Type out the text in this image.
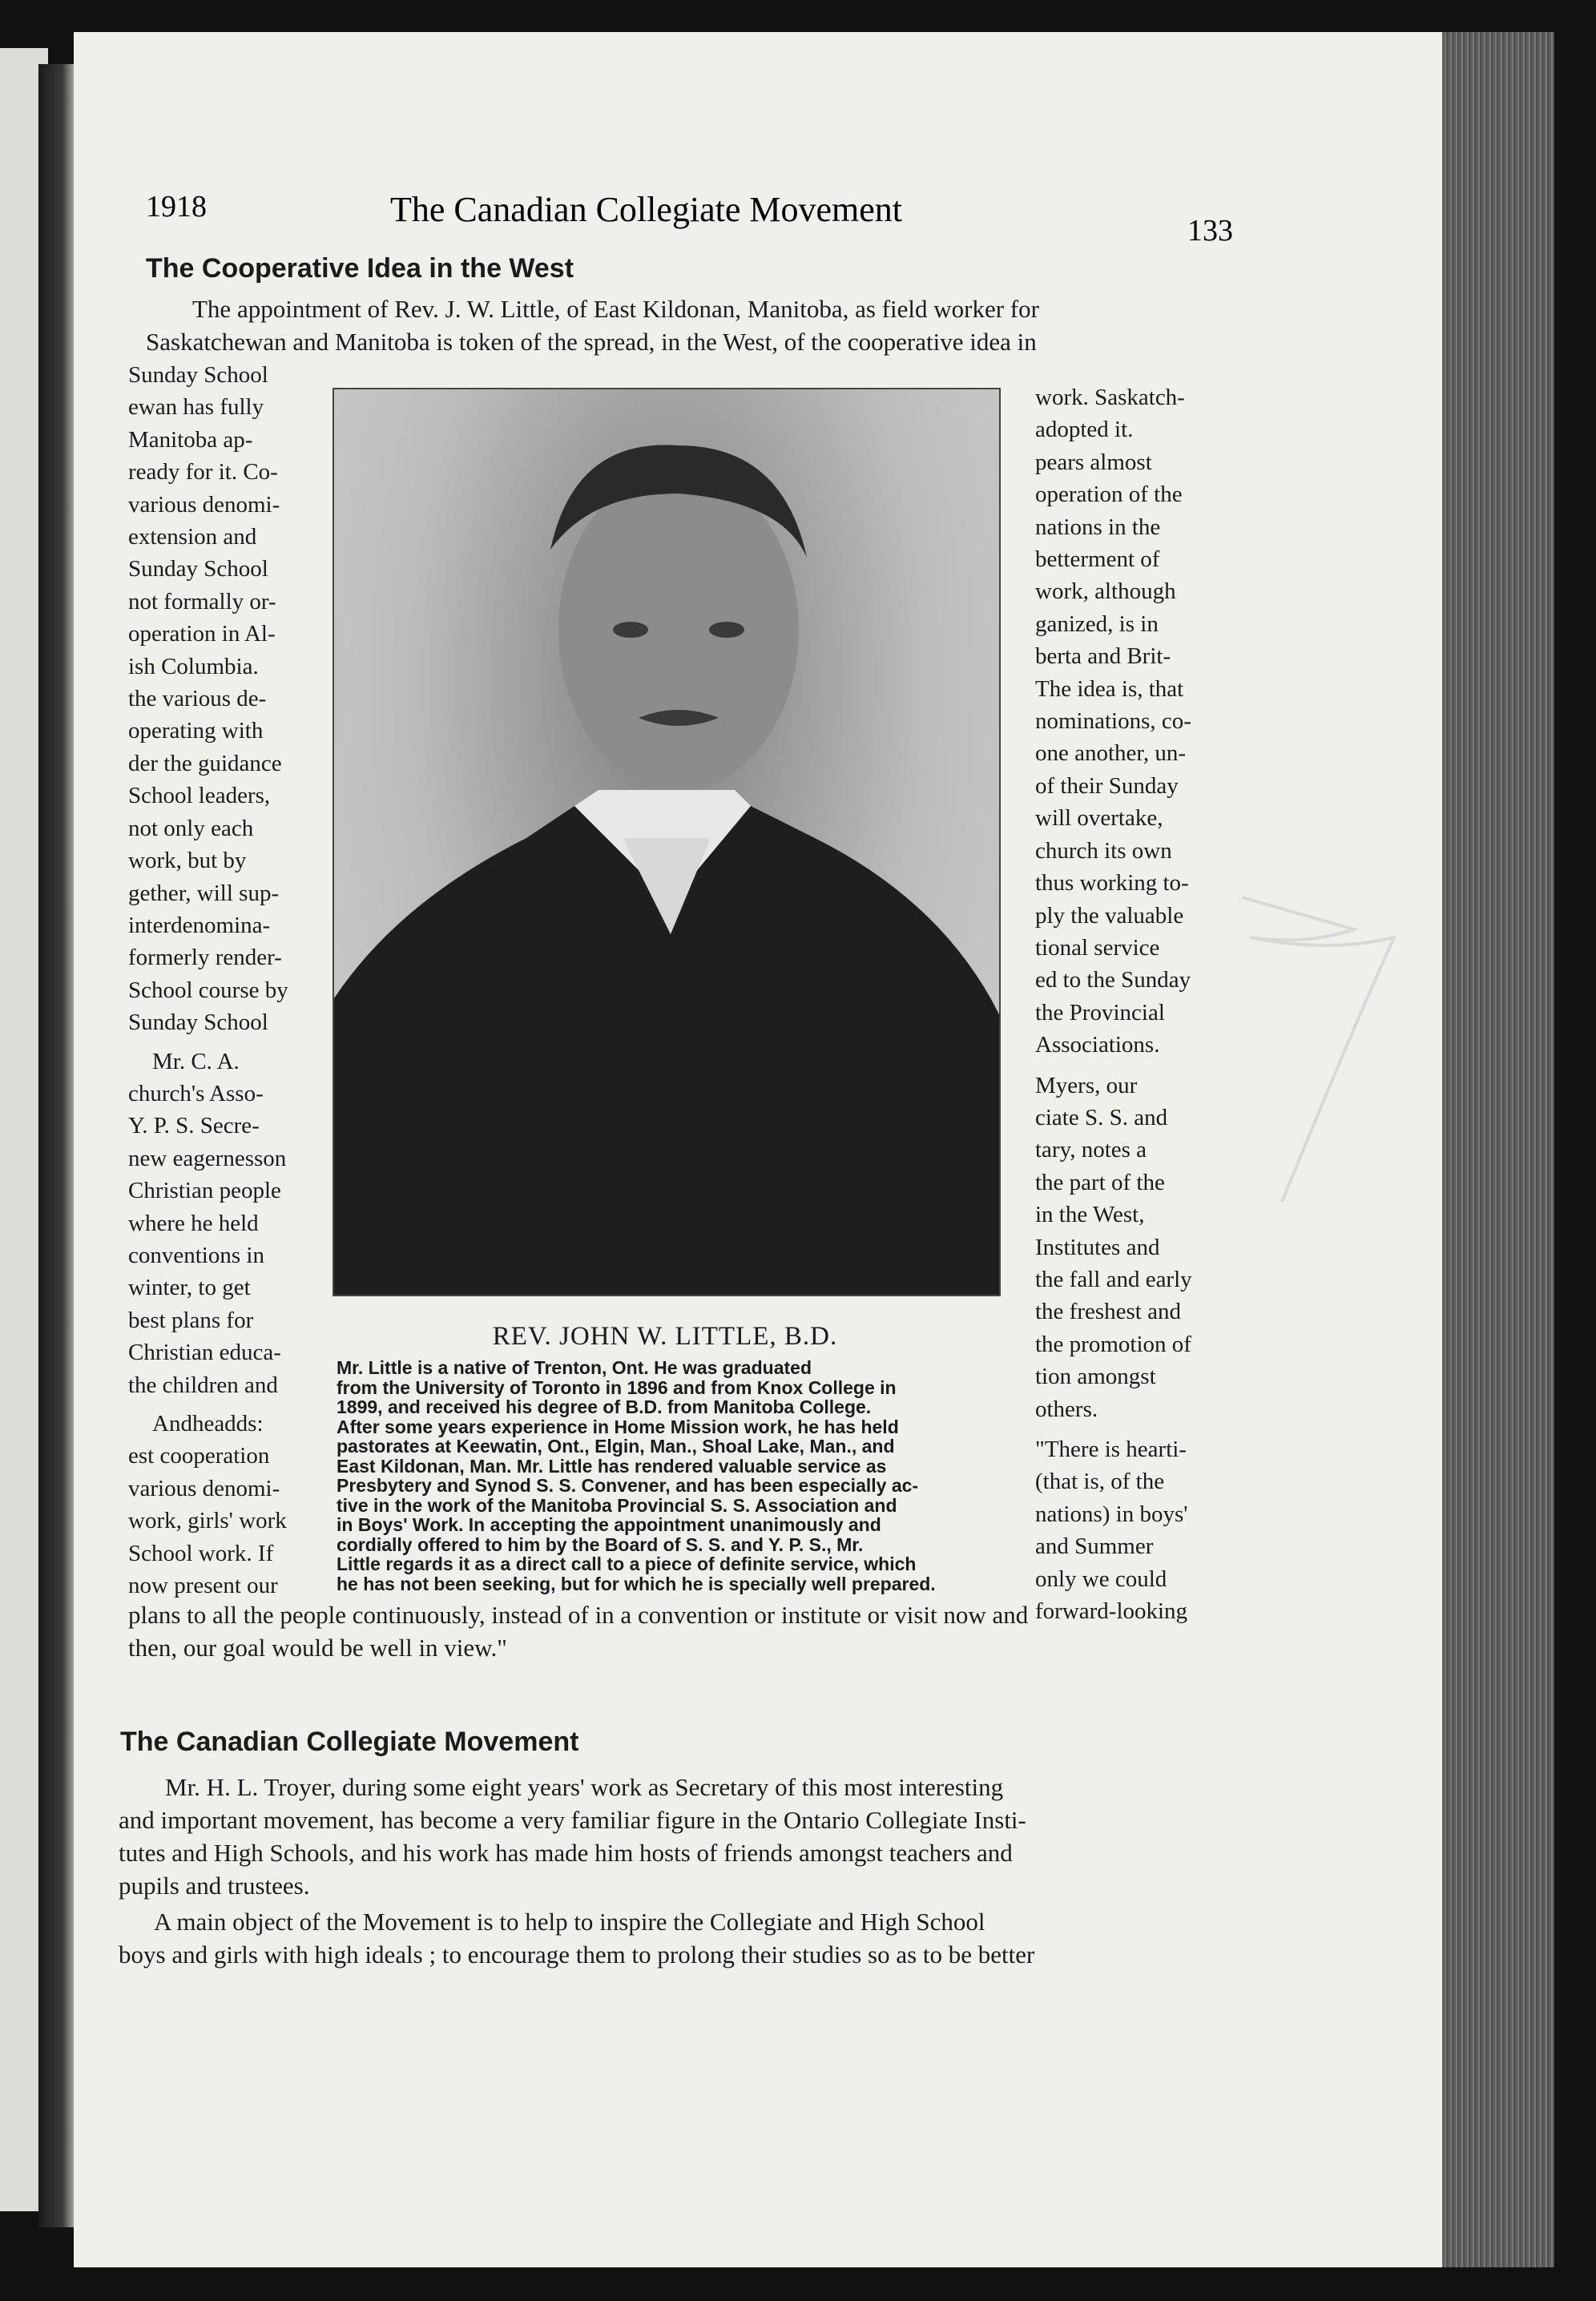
1918	The Canadian Collegiate Movement
133
The Cooperative Idea in the West

The appointment of Rev. J. W. Little, of East Kildonan, Manitoba, as field worker for

Saskatchewan and Manitoba is token of the spread, in the West, of the cooperative idea in

Sunday School

ewan has fully

Manitoba ap-

ready for it. Co-

various denomi-

extension and

Sunday School

not formally or-

operation in Al-

ish Columbia.

the various de-

operating with

der the guidance

School leaders,

not only each

work, but by

gether, will sup-

interdenomina-

formerly render-

School course by

Sunday School

Mr. C. A.

church's Asso-

Y. P. S. Secre-

new eagernesson

Christian people

where he held

conventions in

winter, to get

best plans for

Christian educa-

the children and

Andheadds:

est cooperation

various denomi-

work, girls' work

School work. If

now present our

work. Saskatch-

adopted it.

pears almost

operation of the

nations in the

betterment of

work, although

ganized, is in

berta and Brit-

The idea is, that

nominations, co-

one another, un-

of their Sunday

will overtake,

church its own

thus working to-

ply the valuable

tional service

ed to the Sunday

the Provincial

Associations.

Myers, our

ciate S. S. and

tary, notes a

the part of the

in the West,

Institutes and

the fall and early

the freshest and

the promotion of

tion amongst

others.

"There is hearti-

(that is, of the

nations) in boys'

and Summer

only we could

forward-looking

REV. JOHN W. LITTLE, B.D.

Mr. Little is a native of Trenton, Ont. He was graduated

from the University of Toronto in 1896 and from Knox College in

1899, and received his degree of B.D. from Manitoba College.

After some years experience in Home Mission work, he has held

pastorates at Keewatin, Ont., Elgin, Man., Shoal Lake, Man., and

East Kildonan, Man. Mr. Little has rendered valuable service as

Presbytery and Synod S. S. Convener, and has been especially ac-

tive in the work of the Manitoba Provincial S. S. Association and

in Boys' Work. In accepting the appointment unanimously and

cordially offered to him by the Board of S. S. and Y. P. S., Mr.

Little regards it as a direct call to a piece of definite service, which

he has not been seeking, but for which he is specially well prepared.

plans to all the people continuously, instead of in a convention or institute or visit now and

then, our goal would be well in view."

The Canadian Collegiate Movement

Mr. H. L. Troyer, during some eight years' work as Secretary of this most interesting

and important movement, has become a very familiar figure in the Ontario Collegiate Insti-

tutes and High Schools, and his work has made him hosts of friends amongst teachers and

pupils and trustees.

A main object of the Movement is to help to inspire the Collegiate and High School

boys and girls with high ideals ; to encourage them to prolong their studies so as to be better
